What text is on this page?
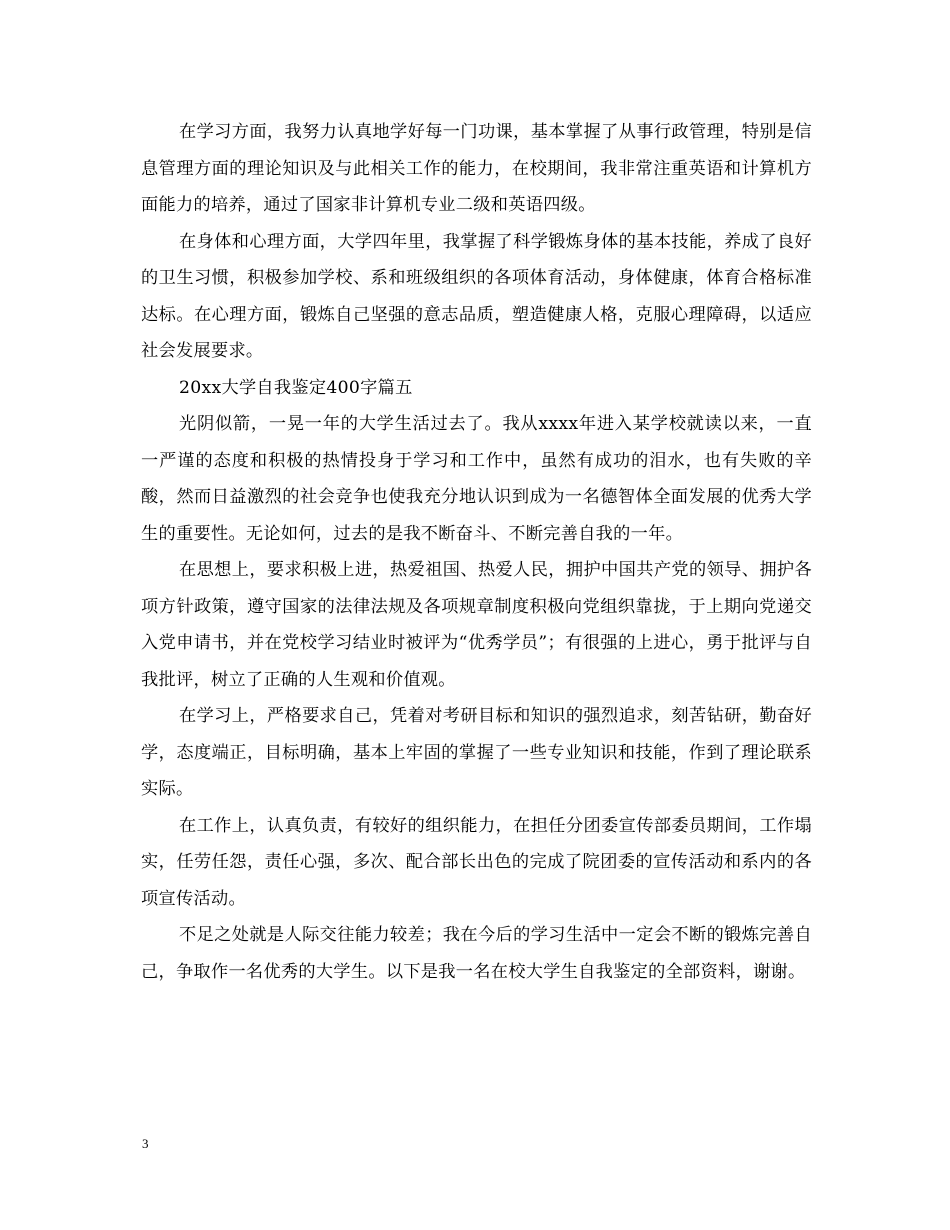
在学习方面，我努力认真地学好每一门功课，基本掌握了从事行政管理，特别是信息管理方面的理论知识及与此相关工作的能力，在校期间，我非常注重英语和计算机方面能力的培养，通过了国家非计算机专业二级和英语四级。

在身体和心理方面，大学四年里，我掌握了科学锻炼身体的基本技能，养成了良好的卫生习惯，积极参加学校、系和班级组织的各项体育活动，身体健康，体育合格标准达标。在心理方面，锻炼自己坚强的意志品质，塑造健康人格，克服心理障碍，以适应社会发展要求。

20xx大学自我鉴定400字篇五

光阴似箭，一晃一年的大学生活过去了。我从xxxx年进入某学校就读以来，一直一严谨的态度和积极的热情投身于学习和工作中，虽然有成功的泪水，也有失败的辛酸，然而日益激烈的社会竞争也使我充分地认识到成为一名德智体全面发展的优秀大学生的重要性。无论如何，过去的是我不断奋斗、不断完善自我的一年。

在思想上，要求积极上进，热爱祖国、热爱人民，拥护中国共产党的领导、拥护各项方针政策，遵守国家的法律法规及各项规章制度积极向党组织靠拢，于上期向党递交入党申请书，并在党校学习结业时被评为“优秀学员”；有很强的上进心，勇于批评与自我批评，树立了正确的人生观和价值观。

在学习上，严格要求自己，凭着对考研目标和知识的强烈追求，刻苦钻研，勤奋好学，态度端正，目标明确，基本上牢固的掌握了一些专业知识和技能，作到了理论联系实际。

在工作上，认真负责，有较好的组织能力，在担任分团委宣传部委员期间，工作塌实，任劳任怨，责任心强，多次、配合部长出色的完成了院团委的宣传活动和系内的各项宣传活动。

不足之处就是人际交往能力较差；我在今后的学习生活中一定会不断的锻炼完善自己，争取作一名优秀的大学生。以下是我一名在校大学生自我鉴定的全部资料，谢谢。

3
